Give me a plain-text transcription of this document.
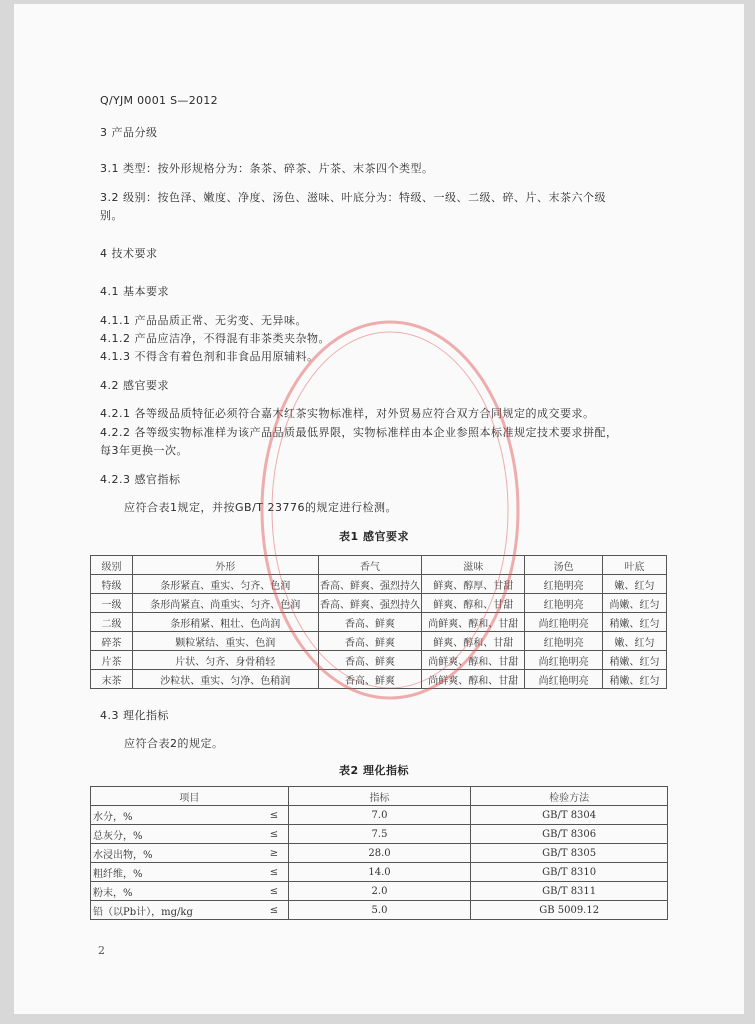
Q/YJM 0001 S—2012
3 产品分级
3.1 类型：按外形规格分为：条茶、碎茶、片茶、末茶四个类型。
3.2 级别：按色泽、嫩度、净度、汤色、滋味、叶底分为：特级、一级、二级、碎、片、末茶六个级
别。
4 技术要求
4.1 基本要求
4.1.1 产品品质正常、无劣变、无异味。
4.1.2 产品应洁净，不得混有非茶类夹杂物。
4.1.3 不得含有着色剂和非食品用原辅料。
4.2 感官要求
4.2.1 各等级品质特征必须符合嘉木红茶实物标准样，对外贸易应符合双方合同规定的成交要求。
4.2.2 各等级实物标准样为该产品品质最低界限，实物标准样由本企业参照本标准规定技术要求拼配，
每3年更换一次。
4.2.3 感官指标
应符合表1规定，并按GB/T 23776的规定进行检测。
表1 感官要求
级别	外形	香气	滋味	汤色	叶底
特级	条形紧直、重实、匀齐、色润	香高、鲜爽、强烈持久	鲜爽、醇厚、甘甜	红艳明亮	嫩、红匀
一级	条形尚紧直、尚重实、匀齐、色润	香高、鲜爽、强烈持久	鲜爽、醇和、甘甜	红艳明亮	尚嫩、红匀
二级	条形稍紧、粗壮、色尚润	香高、鲜爽	尚鲜爽、醇和、甘甜	尚红艳明亮	稍嫩、红匀
碎茶	颗粒紧结、重实、色润	香高、鲜爽	鲜爽、醇和、甘甜	红艳明亮	嫩、红匀
片茶	片状、匀齐、身骨稍轻	香高、鲜爽	尚鲜爽、醇和、甘甜	尚红艳明亮	稍嫩、红匀
末茶	沙粒状、重实、匀净、色稍润	香高、鲜爽	尚鲜爽、醇和、甘甜	尚红艳明亮	稍嫩、红匀
4.3 理化指标
应符合表2的规定。
表2 理化指标
项目		指标	检验方法
水分，%	≤	7.0	GB/T 8304
总灰分，%	≤	7.5	GB/T 8306
水浸出物，%	≥	28.0	GB/T 8305
粗纤维，%	≤	14.0	GB/T 8310
粉末，%	≤	2.0	GB/T 8311
铅（以Pb计），mg/kg	≤	5.0	GB 5009.12
2
